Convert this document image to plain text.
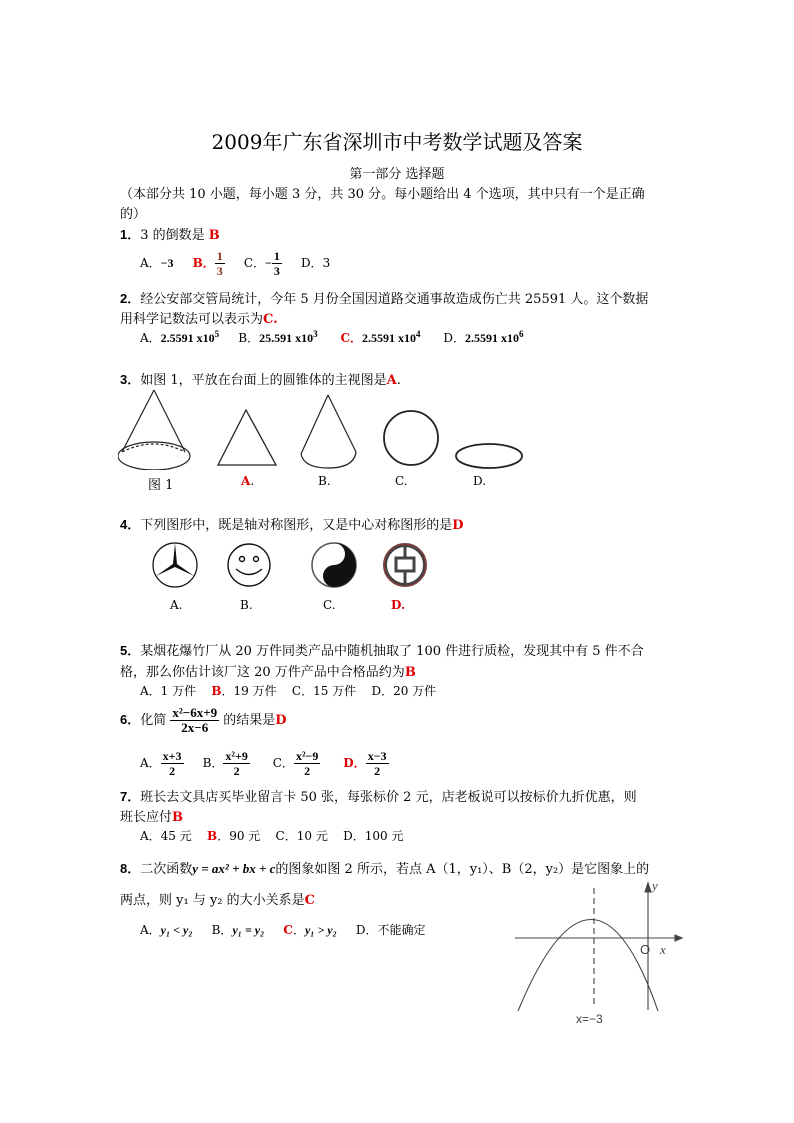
2009年广东省深圳市中考数学试题及答案
第一部分 选择题
（本部分共 10 小题，每小题 3 分，共 30 分。每小题给出 4 个选项，其中只有一个是正确
的）
1．3 的倒数是 B
A．−3 B． $\frac{1}{3}$ C．− $\frac{1}{3}$ D．3
2．经公安部交管局统计，今年 5 月份全国因道路交通事故造成伤亡共 25591 人。这个数据
用科学记数法可以表示为C.
A．2.5591 $x10^5$ B．25.591 $x10^3$ C．2.5591 $x10^4$ D．2.5591 $x10^6$
3．如图 1，平放在台面上的圆锥体的主视图是A.
图 1	A.	B.	C.	D.
4．下列图形中，既是轴对称图形，又是中心对称图形的是D
A.	B.	C.	D.
5．某烟花爆竹厂从 20 万件同类产品中随机抽取了 100 件进行质检，发现其中有 5 件不合
格，那么你估计该厂这 20 万件产品中合格品约为B
A．1 万件 B．19 万件 C．15 万件 D．20 万件
6．化简 $\frac{\text{x²−6x+9}}{2x-6}$ 的结果是D
A． $\frac{x+3}{2}$ B． $\frac{\text{x²+9}}{2}$ C． $\frac{\text{x²−9}}{2}$ D． $\frac{x-3}{2}$
7．班长去文具店买毕业留言卡 50 张，每张标价 2 元，店老板说可以按标价九折优惠，则
班长应付B
A．45 元 B．90 元 C．10 元 D．100 元
8．二次函数y = ax² + bx + c的图象如图 2 所示，若点 A（1，y₁）、B（2，y₂）是它图象上的
两点，则 y₁ 与 y₂ 的大小关系是C
A．y₁ < y₂ B．y₁ = y₂ C．y₁ > y₂ D．不能确定
y
O x
x=−3
